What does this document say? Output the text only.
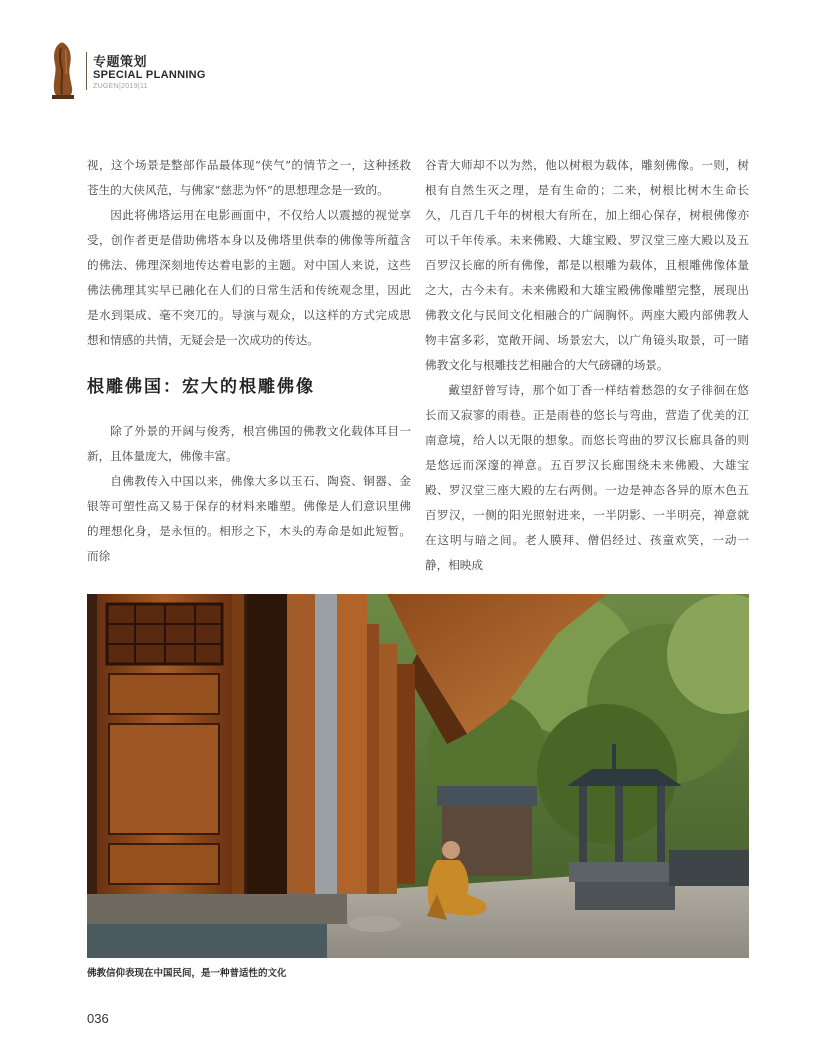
专题策划
SPECIAL PLANNING
ZUGEN|2019|11

视，这个场景是整部作品最体现“侠气”的情节之一，这种拯救苍生的大侠风范，与佛家“慈悲为怀”的思想理念是一致的。

因此将佛塔运用在电影画面中，不仅给人以震撼的视觉享受，创作者更是借助佛塔本身以及佛塔里供奉的佛像等所蕴含的佛法、佛理深刻地传达着电影的主题。对中国人来说，这些佛法佛理其实早已融化在人们的日常生活和传统观念里，因此是水到渠成、毫不突兀的。导演与观众，以这样的方式完成思想和情感的共情，无疑会是一次成功的传达。

根雕佛国：宏大的根雕佛像

除了外景的开阔与俊秀，根宫佛国的佛教文化载体耳目一新，且体量庞大，佛像丰富。

自佛教传入中国以来，佛像大多以玉石、陶瓷、铜器、金银等可塑性高又易于保存的材料来雕塑。佛像是人们意识里佛的理想化身，是永恒的。相形之下，木头的寿命是如此短暂。而徐

谷青大师却不以为然，他以树根为载体，雕刻佛像。一则，树根有自然生灭之理，是有生命的；二来，树根比树木生命长久，几百几千年的树根大有所在，加上细心保存，树根佛像亦可以千年传承。未来佛殿、大雄宝殿、罗汉堂三座大殿以及五百罗汉长廊的所有佛像，都是以根雕为载体，且根雕佛像体量之大，古今未有。未来佛殿和大雄宝殿佛像雕塑完整，展现出佛教文化与民间文化相融合的广阔胸怀。两座大殿内部佛教人物丰富多彩，宽敞开阔、场景宏大，以广角镜头取景，可一睹佛教文化与根雕技艺相融合的大气磅礴的场景。

戴望舒曾写诗，那个如丁香一样结着愁怨的女子徘徊在悠长而又寂寥的雨巷。正是雨巷的悠长与弯曲，营造了优美的江南意境，给人以无限的想象。而悠长弯曲的罗汉长廊具备的则是悠远而深邃的禅意。五百罗汉长廊围绕未来佛殿、大雄宝殿、罗汉堂三座大殿的左右两侧。一边是神态各异的原木色五百罗汉，一侧的阳光照射进来，一半阴影、一半明亮，禅意就在这明与暗之间。老人膜拜、僧侣经过、孩童欢笑，一动一静，相映成

佛教信仰表现在中国民间，是一种普适性的文化
036
